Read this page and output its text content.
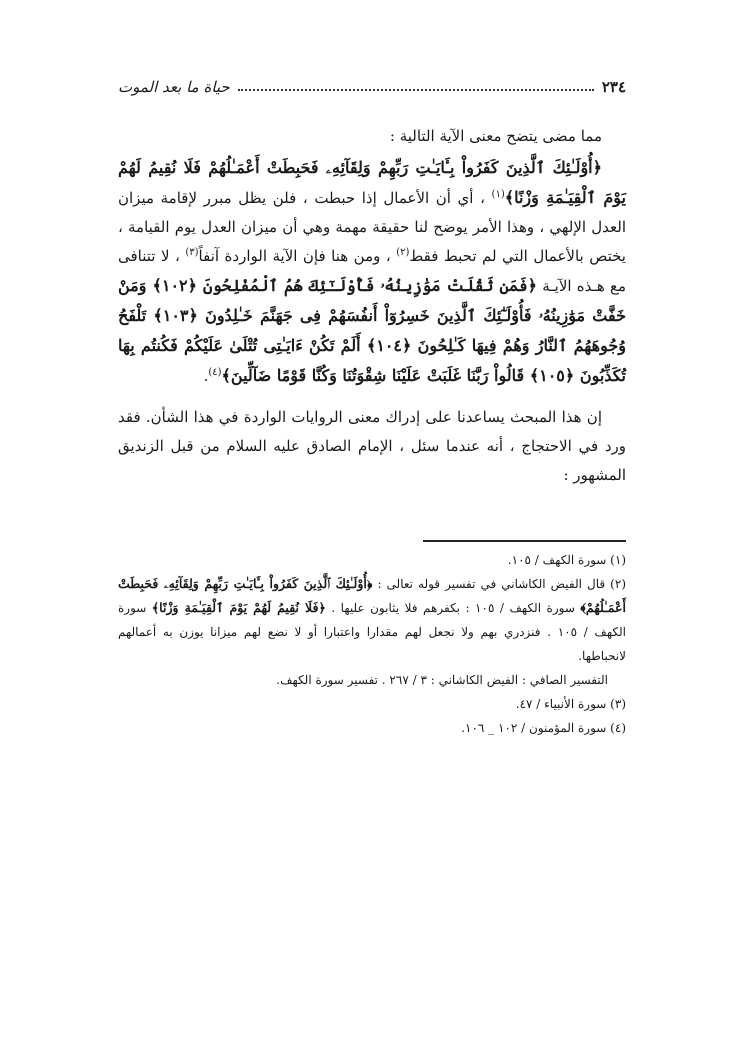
٢٣٤
حياة ما بعد الموت

مما مضى يتضح معنى الآية التالية :

﴿أُوْلَـٰئِكَ ٱلَّذِينَ كَفَرُواْ بِـَٔايَـٰتِ رَبِّهِمْ وَلِقَآئِهِۦ فَحَبِطَتْ أَعْمَـٰلُهُمْ فَلَا نُقِيمُ لَهُمْ يَوْمَ ٱلْقِيَـٰمَةِ وَزْنًا﴾$^{(١)}$ ، أي أن الأعمال إذا حبطت ، فلن يظل مبرر لإقامة ميزان العدل الإلهي ، وهذا الأمر يوضح لنا حقيقة مهمة وهي أن ميزان العدل يوم القيامة ، يختص بالأعمال التي لم تحبط فقط$^{(٢)}$ ، ومن هنا فإن الآية الواردة آنفاً$^{(٣)}$ ، لا تتنافى مع هـذه الآيـة ﴿فَمَن ثَقُلَتْ مَوَٰزِينُهُۥ فَأُوْلَـٰٓئِكَ هُمُ ٱلْمُفْلِحُونَ ﴿١٠٢﴾ وَمَنْ خَفَّتْ مَوَٰزِينُهُۥ فَأُوْلَـٰٓئِكَ ٱلَّذِينَ خَسِرُوٓاْ أَنفُسَهُمْ فِى جَهَنَّمَ خَـٰلِدُونَ ﴿١٠٣﴾ تَلْفَحُ وُجُوهَهُمُ ٱلنَّارُ وَهُمْ فِيهَا كَـٰلِحُونَ ﴿١٠٤﴾ أَلَمْ تَكُنْ ءَايَـٰتِى تُتْلَىٰ عَلَيْكُمْ فَكُنتُم بِهَا تُكَذِّبُونَ ﴿١٠٥﴾ قَالُواْ رَبَّنَا غَلَبَتْ عَلَيْنَا شِقْوَتُنَا وَكُنَّا قَوْمًا ضَآلِّينَ﴾$^{(٤)}$.

إن هذا المبحث يساعدنا على إدراك معنى الروايات الواردة في هذا الشأن. فقد ورد في الاحتجاج ، أنه عندما سئل ، الإمام الصادق عليه السلام من قبل الزنديق المشهور :

(١) سورة الكهف / ١٠٥.

(٢) قال الفيض الكاشاني في تفسير قوله تعالى : ﴿أُوْلَـٰئِكَ ٱلَّذِينَ كَفَرُواْ بِـَٔايَـٰتِ رَبِّهِمْ وَلِقَآئِهِۦ فَحَبِطَتْ أَعْمَـٰلُهُمْ﴾ سورة الكهف / ١٠٥ : بكفرهم فلا يثابون عليها . ﴿فَلَا نُقِيمُ لَهُمْ يَوْمَ ٱلْقِيَـٰمَةِ وَزْنًا﴾ سورة الكهف / ١٠٥ . فنزدري بهم ولا نجعل لهم مقدارا واعتبارا أو لا نضع لهم ميزانا يوزن به أعمالهم لانحباطها.

التفسير الصافي : الفيض الكاشاني : ٣ / ٢٦٧ . تفسير سورة الكهف.

(٣) سورة الأنبياء / ٤٧.

(٤) سورة المؤمنون / ١٠٢ _ ١٠٦.
